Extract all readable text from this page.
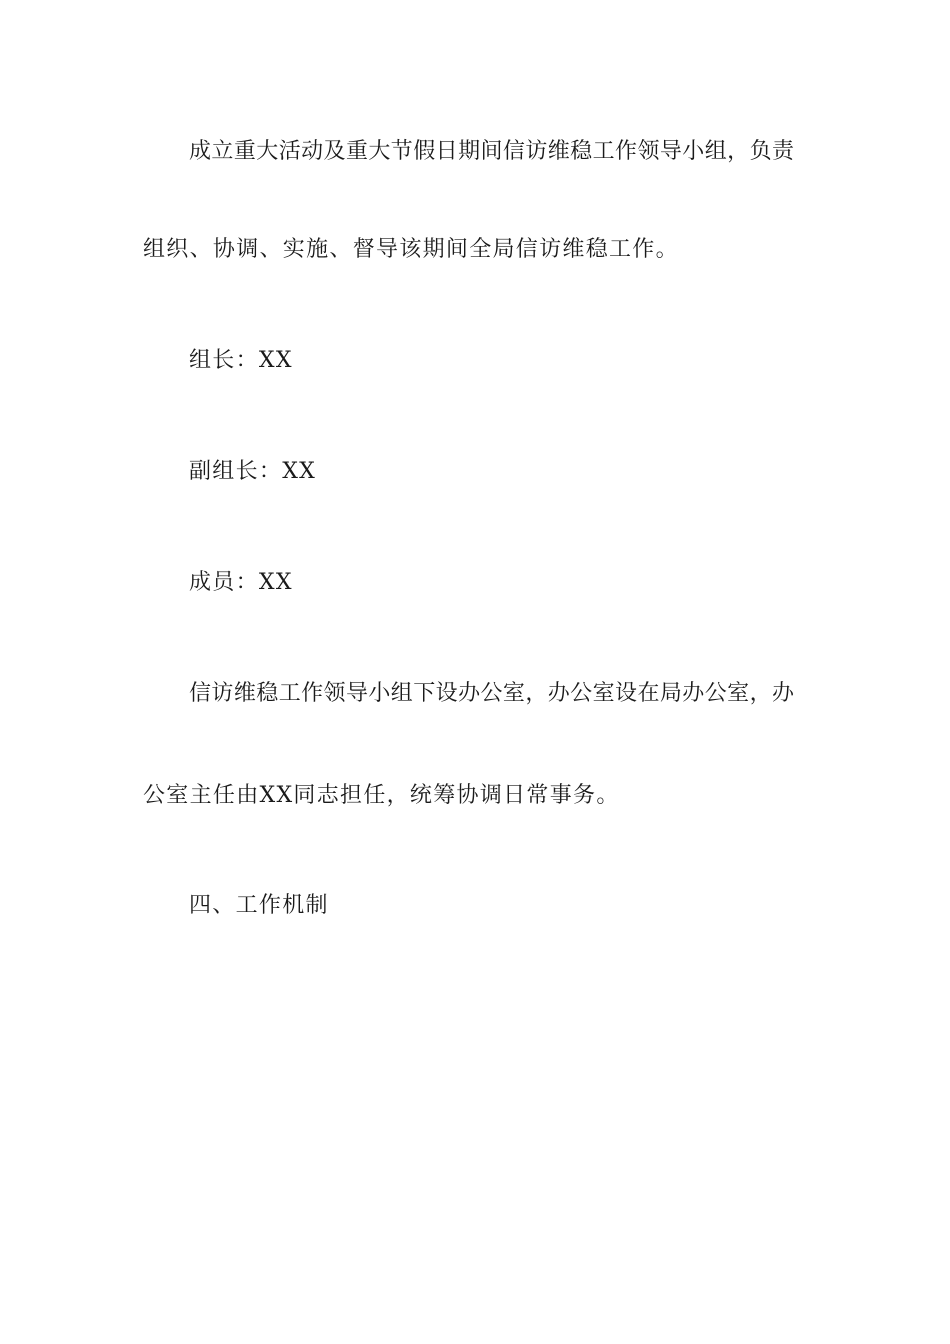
成立重大活动及重大节假日期间信访维稳工作领导小组，负责
组织、协调、实施、督导该期间全局信访维稳工作。
组长：XX
副组长：XX
成员：XX
信访维稳工作领导小组下设办公室，办公室设在局办公室，办
公室主任由XX同志担任，统筹协调日常事务。
四、工作机制
